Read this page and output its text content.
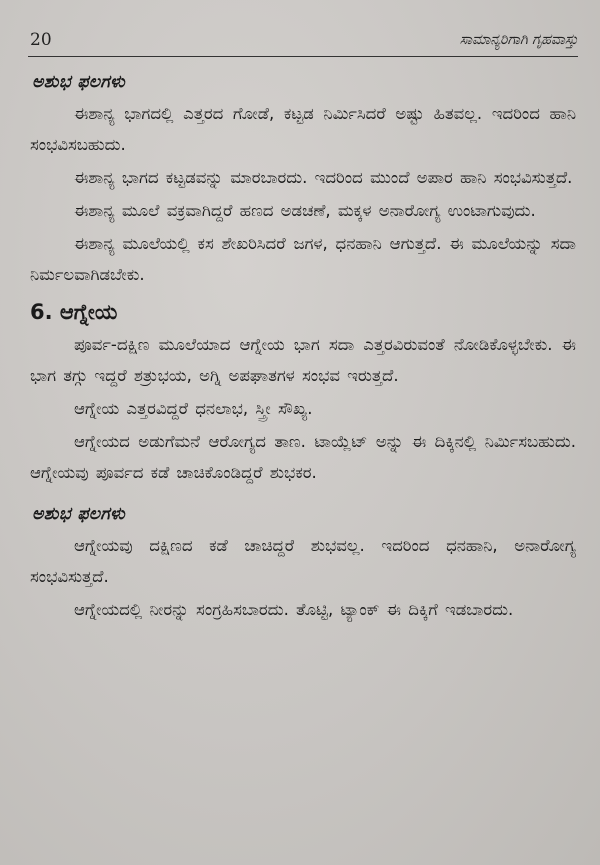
20	ಸಾಮಾನ್ಯರಿಗಾಗಿ ಗೃಹವಾಸ್ತು
ಅಶುಭ ಫಲಗಳು

ಈಶಾನ್ಯ ಭಾಗದಲ್ಲಿ ಎತ್ತರದ ಗೋಡೆ, ಕಟ್ಟಡ ನಿರ್ಮಿಸಿದರೆ ಅಷ್ಟು ಹಿತವಲ್ಲ. ಇದರಿಂದ ಹಾನಿ ಸಂಭವಿಸಬಹುದು.

ಈಶಾನ್ಯ ಭಾಗದ ಕಟ್ಟಡವನ್ನು ಮಾರಬಾರದು. ಇದರಿಂದ ಮುಂದೆ ಅಪಾರ ಹಾನಿ ಸಂಭವಿಸುತ್ತದೆ.

ಈಶಾನ್ಯ ಮೂಲೆ ವಕ್ರವಾಗಿದ್ದರೆ ಹಣದ ಅಡಚಣೆ, ಮಕ್ಕಳ ಅನಾರೋಗ್ಯ ಉಂಟಾಗುವುದು.

ಈಶಾನ್ಯ ಮೂಲೆಯಲ್ಲಿ ಕಸ ಶೇಖರಿಸಿದರೆ ಜಗಳ, ಧನಹಾನಿ ಆಗುತ್ತದೆ. ಈ ಮೂಲೆಯನ್ನು ಸದಾ ನಿರ್ಮಲವಾಗಿಡಬೇಕು.

6. ಆಗ್ನೇಯ

ಪೂರ್ವ-ದಕ್ಷಿಣ ಮೂಲೆಯಾದ ಆಗ್ನೇಯ ಭಾಗ ಸದಾ ಎತ್ತರವಿರುವಂತೆ ನೋಡಿಕೊಳ್ಳಬೇಕು. ಈ ಭಾಗ ತಗ್ಗು ಇದ್ದರೆ ಶತ್ರುಭಯ, ಅಗ್ನಿ ಅಪಘಾತಗಳ ಸಂಭವ ಇರುತ್ತದೆ.

ಆಗ್ನೇಯ ಎತ್ತರವಿದ್ದರೆ ಧನಲಾಭ, ಸ್ತ್ರೀ ಸೌಖ್ಯ.

ಆಗ್ನೇಯದ ಅಡುಗೆಮನೆ ಆರೋಗ್ಯದ ತಾಣ. ಟಾಯ್ಲೆಟ್ ಅನ್ನು ಈ ದಿಕ್ಕಿನಲ್ಲಿ ನಿರ್ಮಿಸಬಹುದು. ಆಗ್ನೇಯವು ಪೂರ್ವದ ಕಡೆ ಚಾಚಿಕೊಂಡಿದ್ದರೆ ಶುಭಕರ.

ಅಶುಭ ಫಲಗಳು

ಆಗ್ನೇಯವು ದಕ್ಷಿಣದ ಕಡೆ ಚಾಚಿದ್ದರೆ ಶುಭವಲ್ಲ. ಇದರಿಂದ ಧನಹಾನಿ, ಅನಾರೋಗ್ಯ ಸಂಭವಿಸುತ್ತದೆ.

ಆಗ್ನೇಯದಲ್ಲಿ ನೀರನ್ನು ಸಂಗ್ರಹಿಸಬಾರದು. ತೊಟ್ಟಿ, ಟ್ಯಾಂಕ್ ಈ ದಿಕ್ಕಿಗೆ ಇಡಬಾರದು.
